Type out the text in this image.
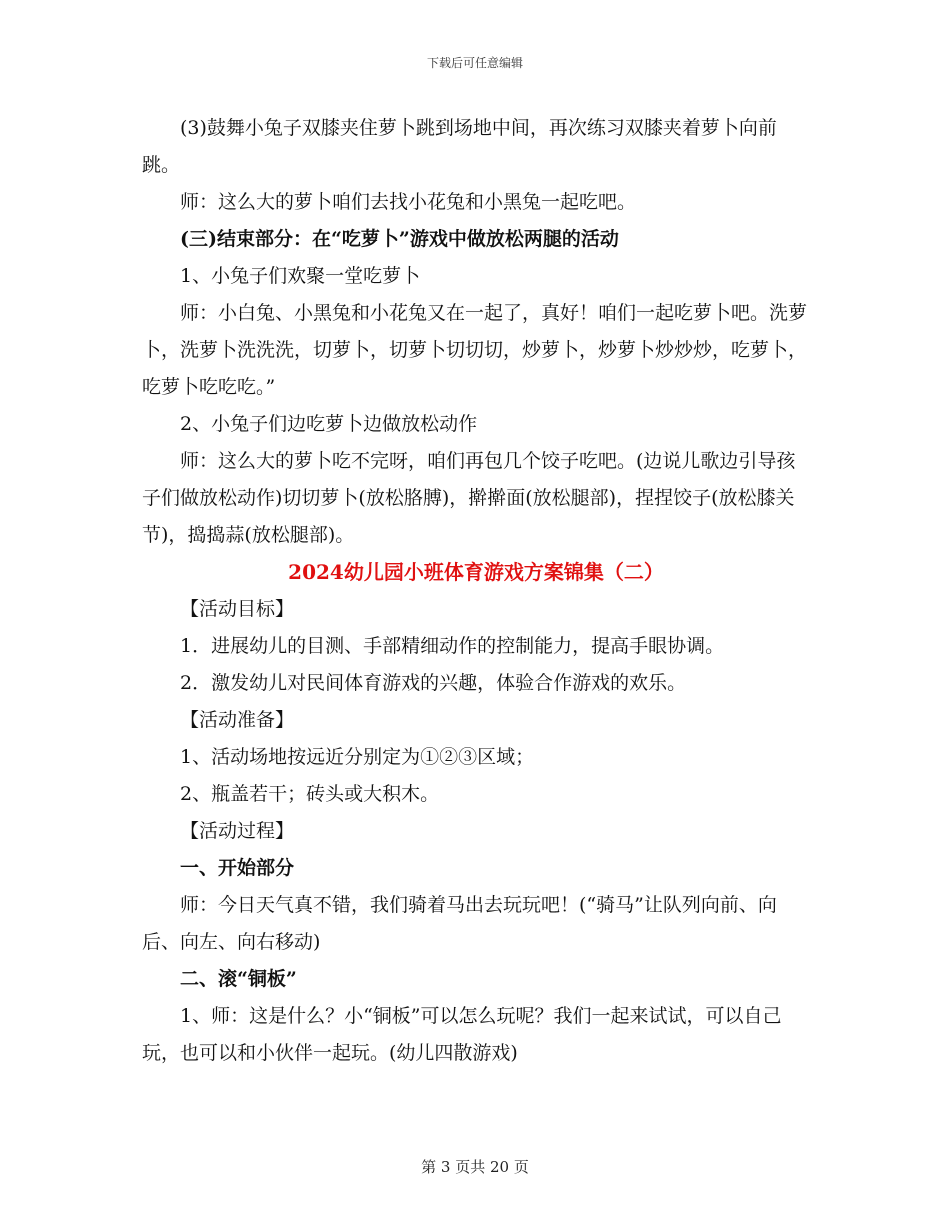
下载后可任意编辑

(3)鼓舞小兔子双膝夹住萝卜跳到场地中间，再次练习双膝夹着萝卜向前跳。

师：这么大的萝卜咱们去找小花兔和小黑兔一起吃吧。

(三)结束部分：在“吃萝卜”游戏中做放松两腿的活动

1、小兔子们欢聚一堂吃萝卜

师：小白兔、小黑兔和小花兔又在一起了，真好！咱们一起吃萝卜吧。洗萝卜，洗萝卜洗洗洗，切萝卜，切萝卜切切切，炒萝卜，炒萝卜炒炒炒，吃萝卜，吃萝卜吃吃吃。”

2、小兔子们边吃萝卜边做放松动作

师：这么大的萝卜吃不完呀，咱们再包几个饺子吃吧。(边说儿歌边引导孩子们做放松动作)切切萝卜(放松胳膊)，擀擀面(放松腿部)，捏捏饺子(放松膝关节)，捣捣蒜(放松腿部)。

2024幼儿园小班体育游戏方案锦集（二）

【活动目标】

1．进展幼儿的目测、手部精细动作的控制能力，提高手眼协调。

2．激发幼儿对民间体育游戏的兴趣，体验合作游戏的欢乐。

【活动准备】

1、活动场地按远近分别定为①②③区域；

2、瓶盖若干；砖头或大积木。

【活动过程】

一、开始部分

师：今日天气真不错，我们骑着马出去玩玩吧！(“骑马”让队列向前、向后、向左、向右移动)

二、滚“铜板”

1、师：这是什么？小“铜板”可以怎么玩呢？我们一起来试试，可以自己玩，也可以和小伙伴一起玩。(幼儿四散游戏)

第 3 页共 20 页
